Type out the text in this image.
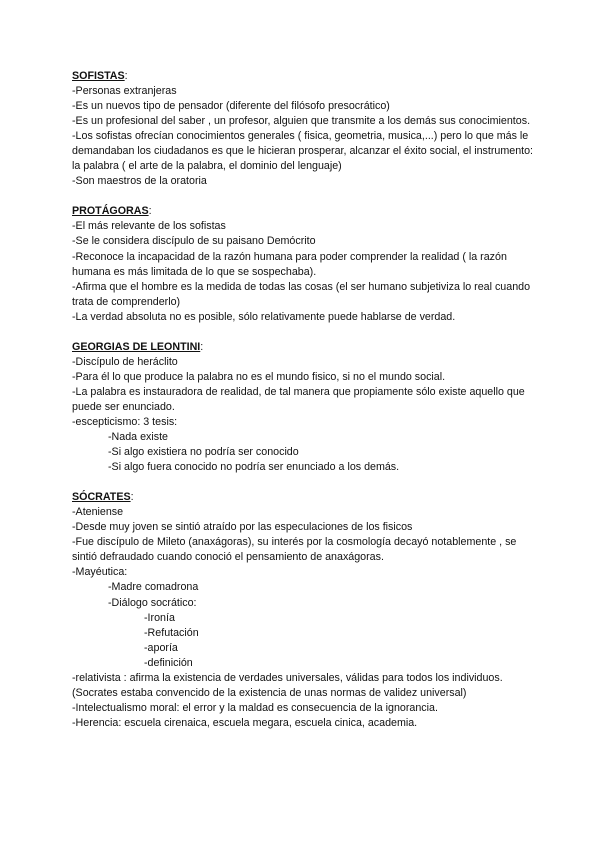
SOFISTAS:
-Personas extranjeras
-Es un nuevos tipo de pensador (diferente del filósofo presocrático)
-Es un profesional del saber , un profesor, alguien que transmite a los demás sus conocimientos.
-Los sofistas ofrecían conocimientos generales ( fisica, geometria, musica,...) pero lo que más le demandaban los ciudadanos es que le hicieran prosperar, alcanzar el éxito social, el instrumento: la palabra ( el arte de la palabra, el dominio del lenguaje)
-Son maestros de la oratoria
PROTÁGORAS:
-El más relevante de los sofistas
-Se le considera discípulo de su paisano Demócrito
-Reconoce la incapacidad de la razón humana para poder comprender la realidad ( la razón humana es más limitada de lo que se sospechaba).
-Afirma que el hombre es la medida de todas las cosas (el ser humano subjetiviza lo real cuando trata de comprenderlo)
-La verdad absoluta no es posible, sólo relativamente puede hablarse de verdad.
GEORGIAS DE LEONTINI:
-Discípulo de heráclito
-Para él lo que produce la palabra no es el mundo fisico, si no el mundo social.
-La palabra es instauradora de realidad, de tal manera que propiamente sólo existe aquello que puede ser enunciado.
-escepticismo: 3 tesis:
-Nada existe
-Si algo existiera no podría ser conocido
-Si algo fuera conocido no podría ser enunciado a los demás.
SÓCRATES:
-Ateniense
-Desde muy joven se sintió atraído por las especulaciones de los fisicos
-Fue discípulo de Mileto (anaxágoras), su interés por la cosmología decayó notablemente , se sintió defraudado cuando conoció el pensamiento de anaxágoras.
-Mayéutica:
-Madre comadrona
-Diálogo socrático:
-Ironía
-Refutación
-aporía
-definición
-relativista : afirma la existencia de verdades universales, válidas para todos los individuos. (Socrates estaba convencido de la existencia de unas normas de validez universal)
-Intelectualismo moral: el error y la maldad es consecuencia de la ignorancia.
-Herencia: escuela cirenaica, escuela megara, escuela cinica, academia.
